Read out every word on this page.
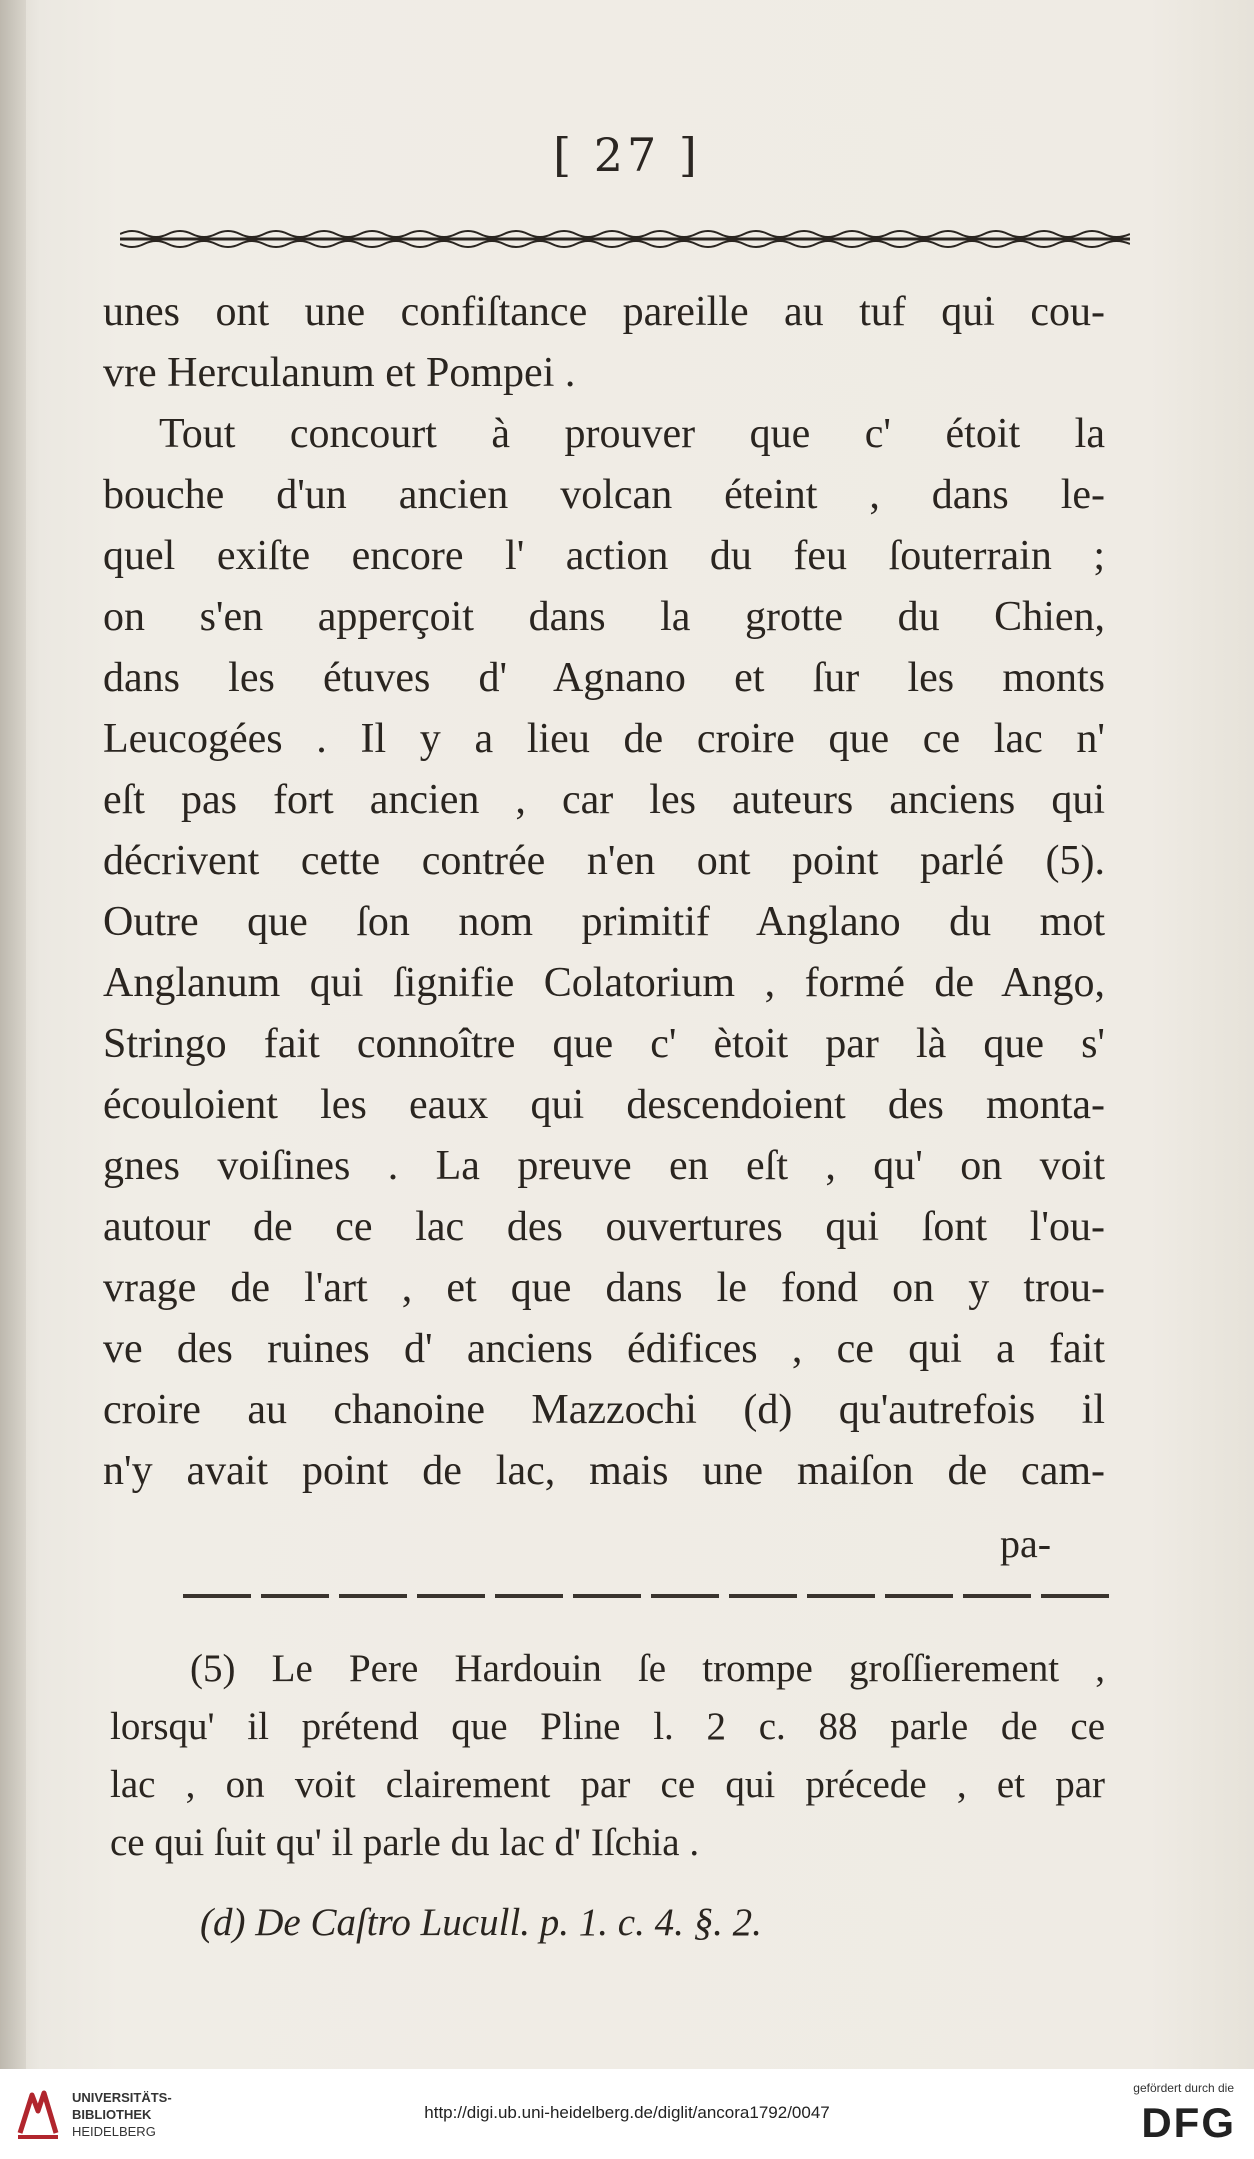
[ 27 ]
unes ont une confiſtance pareille au tuf qui cou-
vre Herculanum et Pompei .
Tout concourt à prouver que c' étoit la
bouche d'un ancien volcan éteint , dans le-
quel exiſte encore l' action du feu ſouterrain ;
on s'en apperçoit dans la grotte du Chien,
dans les étuves d' Agnano et ſur les monts
Leucogées . Il y a lieu de croire que ce lac n'
eſt pas fort ancien , car les auteurs anciens qui
décrivent cette contrée n'en ont point parlé (5).
Outre que ſon nom primitif Anglano du mot
Anglanum qui ſignifie Colatorium , formé de Ango,
Stringo fait connoître que c' ètoit par là que s'
écouloient les eaux qui descendoient des monta-
gnes voiſines . La preuve en eſt , qu' on voit
autour de ce lac des ouvertures qui ſont l'ou-
vrage de l'art , et que dans le fond on y trou-
ve des ruines d' anciens édifices , ce qui a fait
croire au chanoine Mazzochi (d) qu'autrefois il
n'y avait point de lac, mais une maiſon de cam-
pa-
(5) Le Pere Hardouin ſe trompe groſſierement ,
lorsqu' il prétend que Pline l. 2 c. 88 parle de ce
lac , on voit clairement par ce qui précede , et par
ce qui ſuit qu' il parle du lac d' Iſchia .
(d) De Caſtro Lucull. p. 1. c. 4. §. 2.
UNIVERSITÄTS-
BIBLIOTHEK
HEIDELBERG
http://digi.ub.uni-heidelberg.de/diglit/ancora1792/0047
gefördert durch die
DFG
